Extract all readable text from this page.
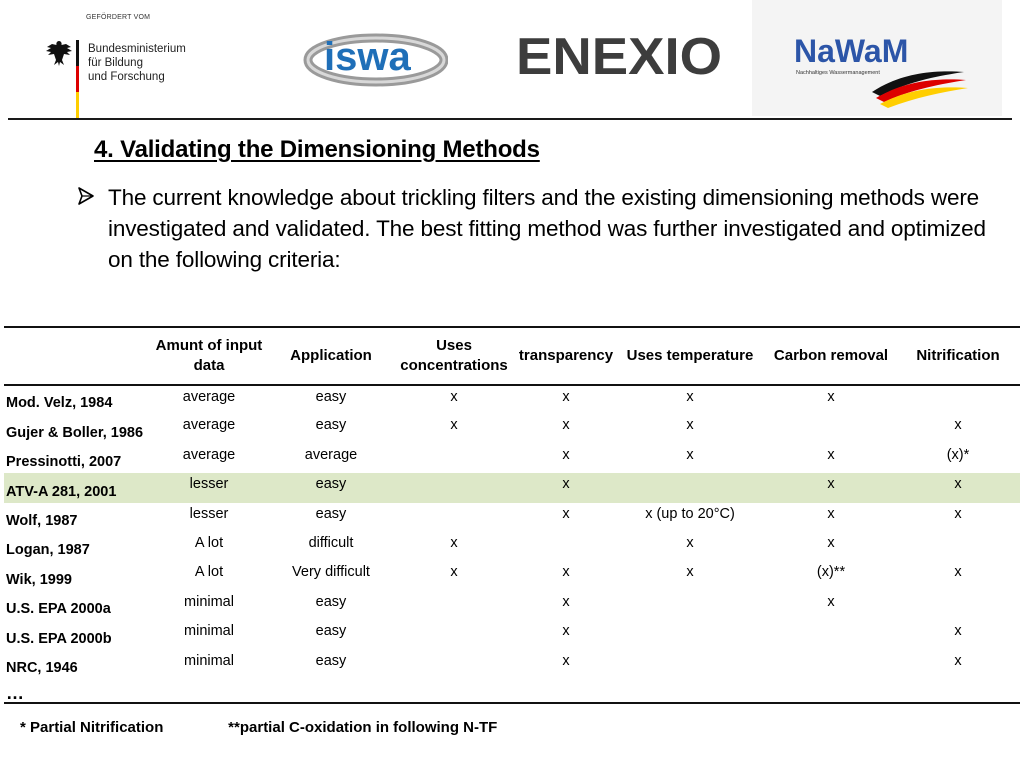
GEFÖRDERT VOM
Bundesministerium
für Bildung
und Forschung	iswa ENEXIO NaWaM
Nachhaltiges Wassermanagement
4. Validating the Dimensioning Methods
The current knowledge about trickling filters and the existing dimensioning methods were investigated and validated. The best fitting method was further investigated and optimized on the following criteria:
	Amunt of input data	Application	Uses concentrations	transparency	Uses temperature	Carbon removal	Nitrification
Mod. Velz, 1984	average	easy	x	x	x	x	
Gujer & Boller, 1986	average	easy	x	x	x		x
Pressinotti, 2007	average	average		x	x	x	(x)*
ATV-A 281, 2001	lesser	easy		x		x	x
Wolf, 1987	lesser	easy		x	x (up to 20°C)	x	x
Logan, 1987	A lot	difficult	x		x	x	
Wik, 1999	A lot	Very difficult	x	x	x	(x)**	x
U.S. EPA 2000a	minimal	easy		x		x	
U.S. EPA 2000b	minimal	easy		x			x
NRC, 1946	minimal	easy		x			x
…							
* Partial Nitrification	**partial C-oxidation in following N-TF
